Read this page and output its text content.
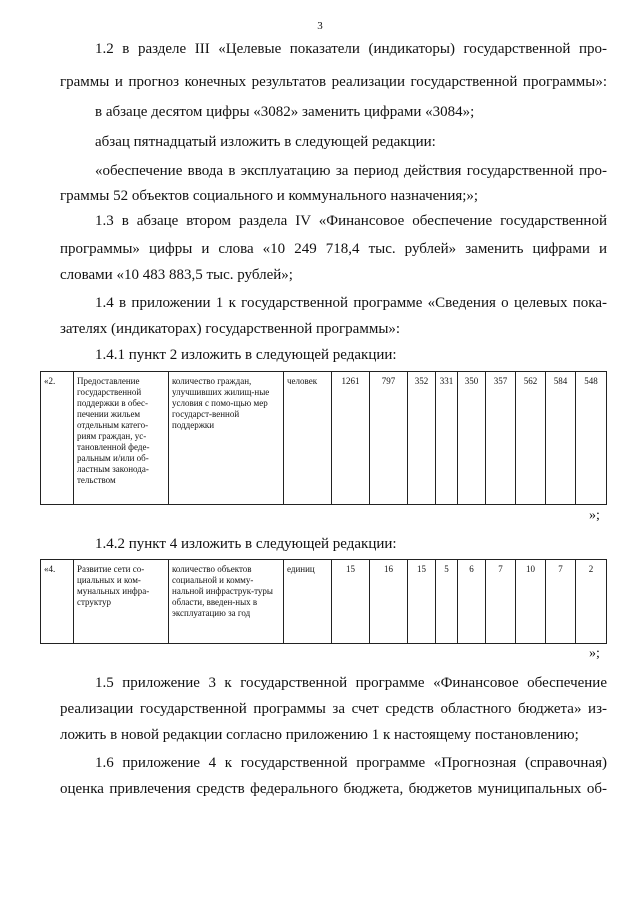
3
1.2 в разделе III «Целевые показатели (индикаторы) государственной про-
граммы и прогноз конечных результатов реализации государственной программы»:
в абзаце десятом цифры «3082» заменить цифрами «3084»;
абзац пятнадцатый изложить в следующей редакции:
«обеспечение ввода в эксплуатацию за период действия государственной про-
граммы 52 объектов социального и коммунального назначения;»;
1.3 в абзаце втором раздела IV «Финансовое обеспечение государственной
программы» цифры и слова «10 249 718,4 тыс. рублей» заменить цифрами и
словами «10 483 883,5 тыс. рублей»;
1.4 в приложении 1 к государственной программе «Сведения о целевых пока-
зателях (индикаторах) государственной программы»:
1.4.1 пункт 2 изложить в следующей редакции:
«2.	Предоставление государственной поддержки в обес-печении жильем отдельным катего-риям граждан, ус-тановленной феде-ральным и/или об-ластным законода-тельством	количество граждан, улучшивших жилищ-ные условия с помо-щью мер государст-венной поддержки	человек	1261	797	352	331	350	357	562	584	548
»;
1.4.2 пункт 4 изложить в следующей редакции:
«4.	Развитие сети со-циальных и ком-мунальных инфра-структур	количество объектов социальной и комму-нальной инфраструк-туры области, введен-ных в эксплуатацию за год	единиц	15	16	15	5	6	7	10	7	2
»;
1.5 приложение 3 к государственной программе «Финансовое обеспечение
реализации государственной программы за счет средств областного бюджета» из-
ложить в новой редакции согласно приложению 1 к настоящему постановлению;
1.6 приложение 4 к государственной программе «Прогнозная (справочная)
оценка привлечения средств федерального бюджета, бюджетов муниципальных об-
